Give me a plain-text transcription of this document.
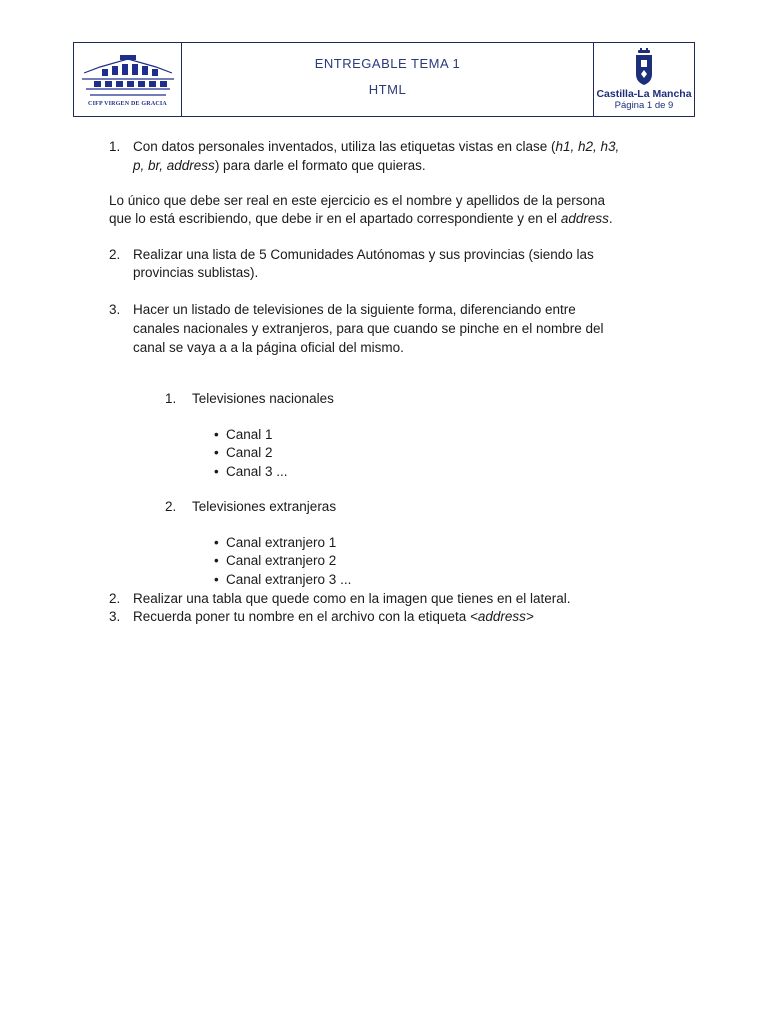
CIFP VIRGEN DE GRACIA
ENTREGABLE TEMA 1
HTML	Castilla-La Mancha
Página 1 de 9
1. Con datos personales inventados, utiliza las etiquetas vistas en clase (h1, h2, h3,
p, br, address) para darle el formato que quieras.
Lo único que debe ser real en este ejercicio es el nombre y apellidos de la persona
que lo está escribiendo, que debe ir en el apartado correspondiente y en el address.
2. Realizar una lista de 5 Comunidades Autónomas y sus provincias (siendo las
provincias sublistas).
3. Hacer un listado de televisiones de la siguiente forma, diferenciando entre
canales nacionales y extranjeros, para que cuando se pinche en el nombre del
canal se vaya a a la página oficial del mismo.
1. Televisiones nacionales
• Canal 1
• Canal 2
• Canal 3 ...
2. Televisiones extranjeras
• Canal extranjero 1
• Canal extranjero 2
• Canal extranjero 3 ...
2. Realizar una tabla que quede como en la imagen que tienes en el lateral.
3. Recuerda poner tu nombre en el archivo con la etiqueta <address>
